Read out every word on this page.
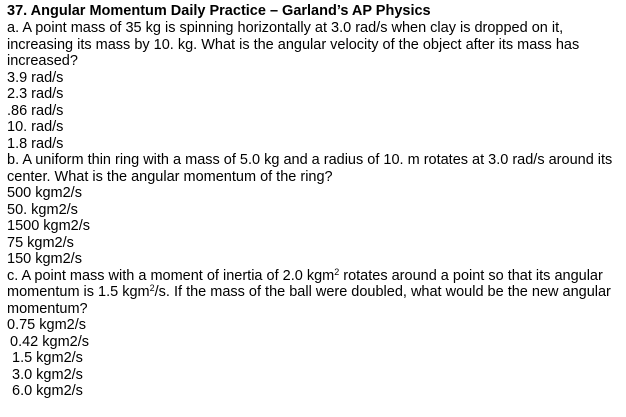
37. Angular Momentum Daily Practice – Garland’s AP Physics
a. A point mass of 35 kg is spinning horizontally at 3.0 rad/s when clay is dropped on it,
increasing its mass by 10. kg. What is the angular velocity of the object after its mass has
increased?
3.9 rad/s
2.3 rad/s
.86 rad/s
10. rad/s
1.8 rad/s
b. A uniform thin ring with a mass of 5.0 kg and a radius of 10. m rotates at 3.0 rad/s around its
center. What is the angular momentum of the ring?
500 kgm2/s
50. kgm2/s
1500 kgm2/s
75 kgm2/s
150 kgm2/s
c. A point mass with a moment of inertia of 2.0 kgm$^2$ rotates around a point so that its angular
momentum is 1.5 kgm$^2$/s. If the mass of the ball were doubled, what would be the new angular
momentum?
0.75 kgm2/s
0.42 kgm2/s
1.5 kgm2/s
3.0 kgm2/s
6.0 kgm2/s
